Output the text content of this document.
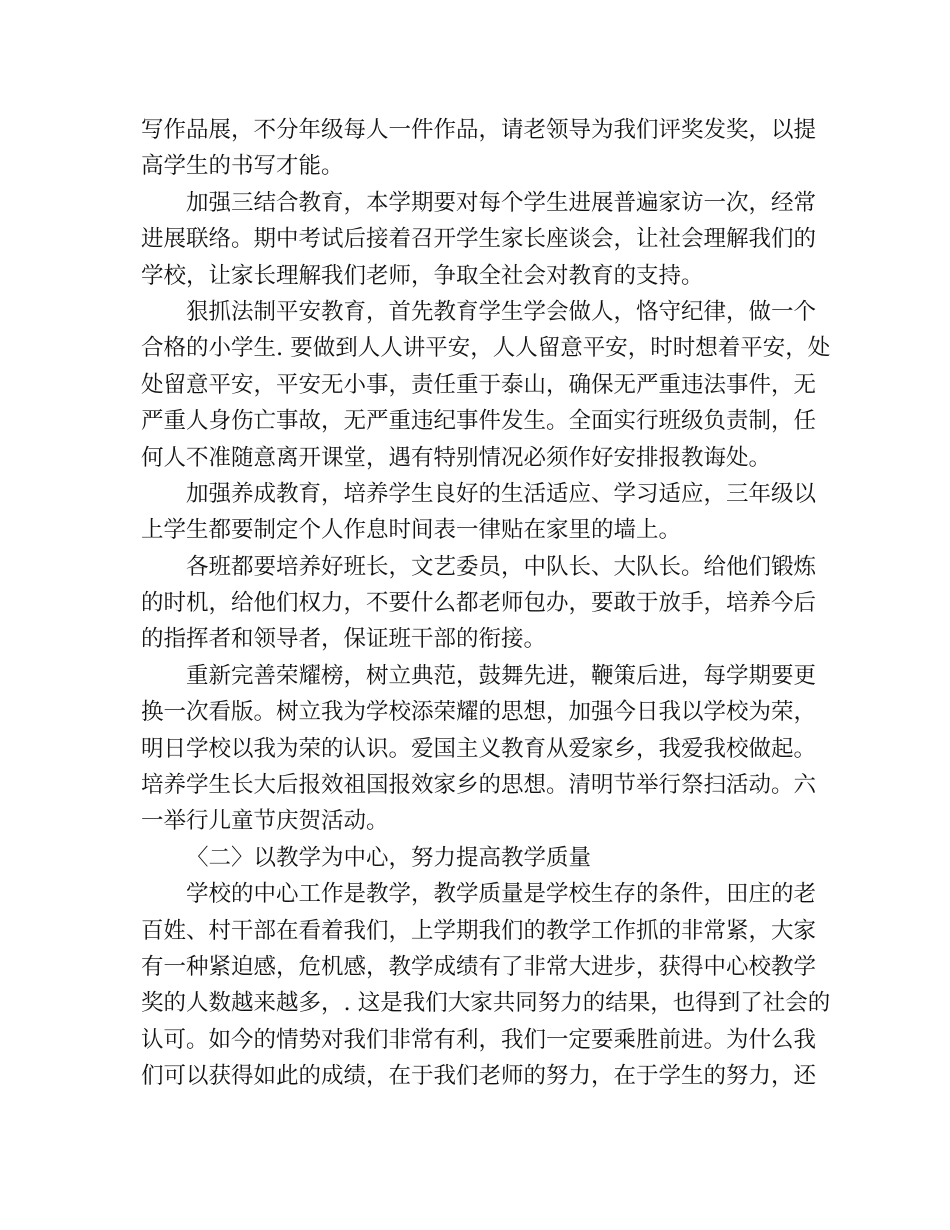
写作品展，不分年级每人一件作品，请老领导为我们评奖发奖，以提
高学生的书写才能。
加强三结合教育，本学期要对每个学生进展普遍家访一次，经常
进展联络。期中考试后接着召开学生家长座谈会，让社会理解我们的
学校，让家长理解我们老师，争取全社会对教育的支持。
狠抓法制平安教育，首先教育学生学会做人，恪守纪律，做一个
合格的小学生. 要做到人人讲平安，人人留意平安，时时想着平安，处
处留意平安，平安无小事，责任重于泰山，确保无严重违法事件，无
严重人身伤亡事故，无严重违纪事件发生。全面实行班级负责制，任
何人不准随意离开课堂，遇有特别情况必须作好安排报教诲处。
加强养成教育，培养学生良好的生活适应、学习适应，三年级以
上学生都要制定个人作息时间表一律贴在家里的墙上。
各班都要培养好班长，文艺委员，中队长、大队长。给他们锻炼
的时机，给他们权力，不要什么都老师包办，要敢于放手，培养今后
的指挥者和领导者，保证班干部的衔接。
重新完善荣耀榜，树立典范，鼓舞先进，鞭策后进，每学期要更
换一次看版。树立我为学校添荣耀的思想，加强今日我以学校为荣，
明日学校以我为荣的认识。爱国主义教育从爱家乡，我爱我校做起。
培养学生长大后报效祖国报效家乡的思想。清明节举行祭扫活动。六
一举行儿童节庆贺活动。
〈二〉以教学为中心，努力提高教学质量
学校的中心工作是教学，教学质量是学校生存的条件，田庄的老
百姓、村干部在看着我们，上学期我们的教学工作抓的非常紧，大家
有一种紧迫感，危机感，教学成绩有了非常大进步，获得中心校教学
奖的人数越来越多，. 这是我们大家共同努力的结果，也得到了社会的
认可。如今的情势对我们非常有利，我们一定要乘胜前进。为什么我
们可以获得如此的成绩，在于我们老师的努力，在于学生的努力，还
